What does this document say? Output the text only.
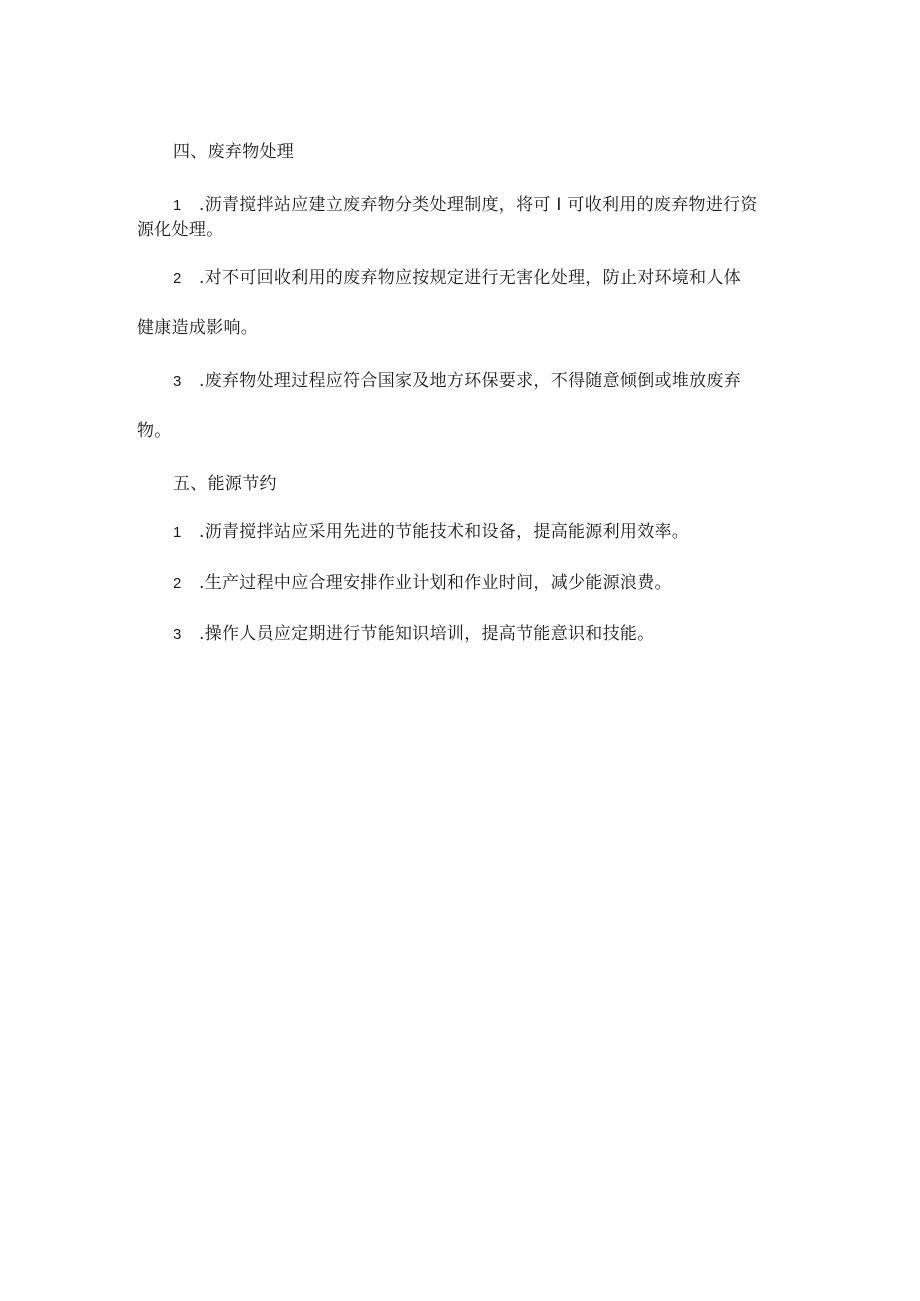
四、废弃物处理
1 .沥青搅拌站应建立废弃物分类处理制度，将可 I 可收利用的废弃物进行资
源化处理。
2 .对不可回收利用的废弃物应按规定进行无害化处理，防止对环境和人体
健康造成影响。
3 .废弃物处理过程应符合国家及地方环保要求，不得随意倾倒或堆放废弃
物。
五、能源节约
1 .沥青搅拌站应采用先进的节能技术和设备，提高能源利用效率。
2 .生产过程中应合理安排作业计划和作业时间，减少能源浪费。
3 .操作人员应定期进行节能知识培训，提高节能意识和技能。
